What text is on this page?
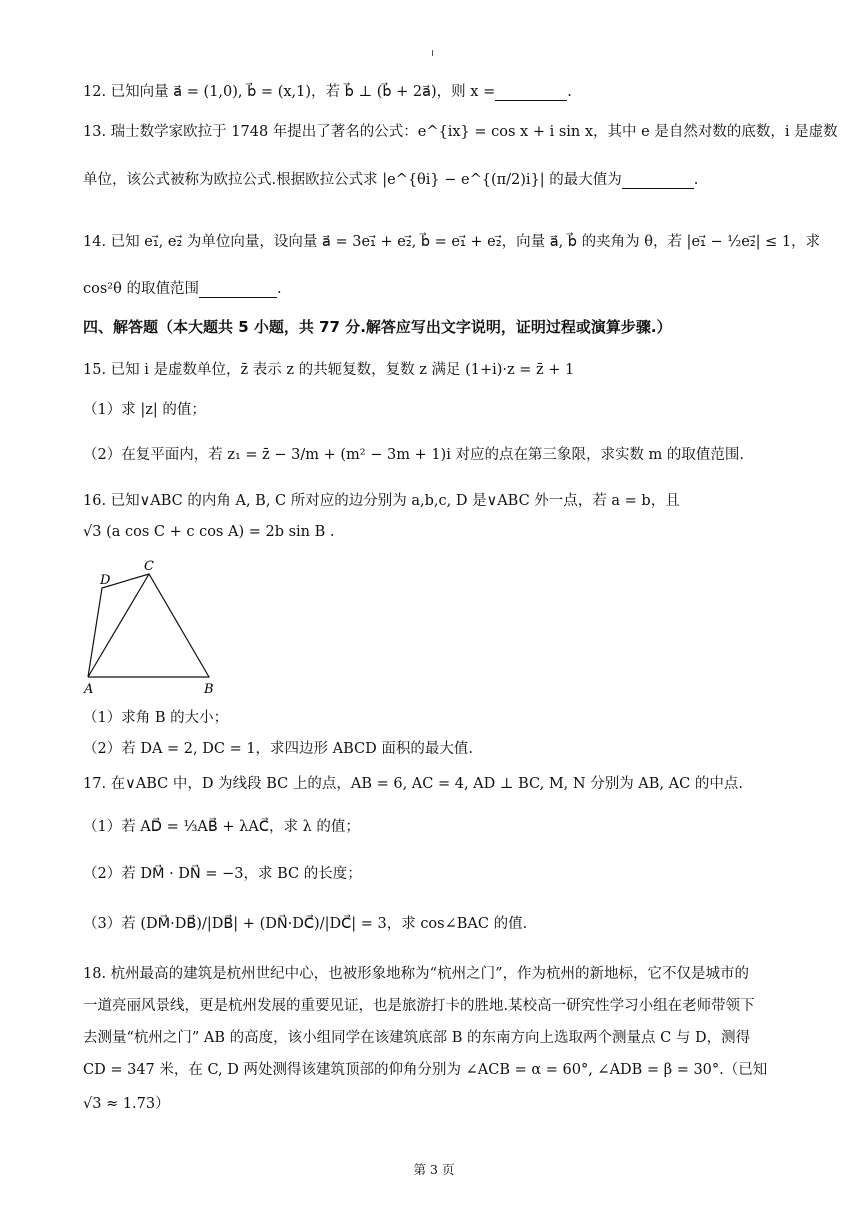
12. 已知向量 a⃗ = (1,0), b⃗ = (x,1)，若 b⃗ ⊥ (b⃗ + 2a⃗)，则 x =	.
13. 瑞士数学家欧拉于 1748 年提出了著名的公式：e^{ix} = cos x + i sin x，其中 e 是自然对数的底数，i 是虚数
单位，该公式被称为欧拉公式.根据欧拉公式求 |e^{θi} − e^{(π/2)i}| 的最大值为	.
14. 已知 e₁⃗, e₂⃗ 为单位向量，设向量 a⃗ = 3e₁⃗ + e₂⃗, b⃗ = e₁⃗ + e₂⃗，向量 a⃗, b⃗ 的夹角为 θ，若 |e₁⃗ − ½e₂⃗| ≤ 1，求
cos²θ 的取值范围	.
四、解答题（本大题共 5 小题，共 77 分.解答应写出文字说明，证明过程或演算步骤.）
15. 已知 i 是虚数单位，z̄ 表示 z 的共轭复数，复数 z 满足 (1+i)·z = z̄ + 1
（1）求 |z| 的值；
（2）在复平面内，若 z₁ = z̄ − 3/m + (m² − 3m + 1)i 对应的点在第三象限，求实数 m 的取值范围.
16. 已知∨ABC 的内角 A, B, C 所对应的边分别为 a,b,c, D 是∨ABC 外一点，若 a = b，且
√3 (a cos C + c cos A) = 2b sin B .
D
C
A	B
（1）求角 B 的大小；
（2）若 DA = 2, DC = 1，求四边形 ABCD 面积的最大值.
17. 在∨ABC 中，D 为线段 BC 上的点，AB = 6, AC = 4, AD ⊥ BC, M, N 分别为 AB, AC 的中点.
（1）若 AD⃗ = ⅓AB⃗ + λAC⃗，求 λ 的值；
（2）若 DM⃗ · DN⃗ = −3，求 BC 的长度；
（3）若 (DM⃗·DB⃗)/|DB⃗| + (DN⃗·DC⃗)/|DC⃗| = 3，求 cos∠BAC 的值.
18. 杭州最高的建筑是杭州世纪中心，也被形象地称为“杭州之门”，作为杭州的新地标，它不仅是城市的
一道亮丽风景线，更是杭州发展的重要见证，也是旅游打卡的胜地.某校高一研究性学习小组在老师带领下
去测量“杭州之门” AB 的高度，该小组同学在该建筑底部 B 的东南方向上选取两个测量点 C 与 D，测得
CD = 347 米，在 C, D 两处测得该建筑顶部的仰角分别为 ∠ACB = α = 60°, ∠ADB = β = 30°.（已知
√3 ≈ 1.73）
第 3 页
